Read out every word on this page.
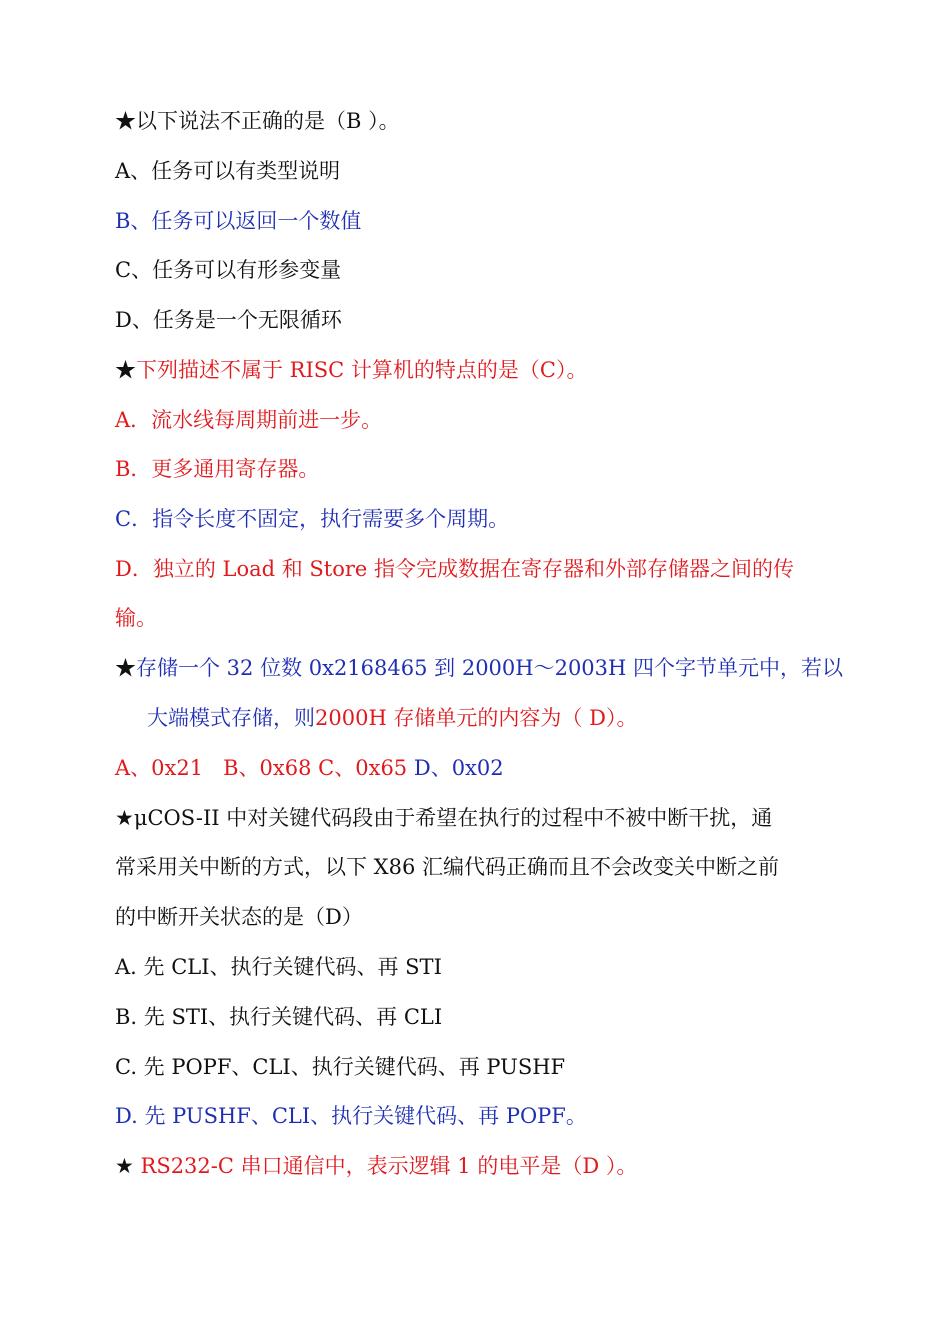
★以下说法不正确的是（B ）。
A、任务可以有类型说明
B、任务可以返回一个数值
C、任务可以有形参变量
D、任务是一个无限循环
★下列描述不属于 RISC 计算机的特点的是（C）。
A．流水线每周期前进一步。
B．更多通用寄存器。
C．指令长度不固定，执行需要多个周期。
D．独立的 Load 和 Store 指令完成数据在寄存器和外部存储器之间的传
输。
★存储一个 32 位数 0x2168465 到 2000H～2003H 四个字节单元中，若以
大端模式存储，则2000H 存储单元的内容为（ D）。
A、0x21 B、0x68 C、0x65 D、0x02
★μCOS-II 中对关键代码段由于希望在执行的过程中不被中断干扰，通
常采用关中断的方式，以下 X86 汇编代码正确而且不会改变关中断之前
的中断开关状态的是（D）
A. 先 CLI、执行关键代码、再 STI
B. 先 STI、执行关键代码、再 CLI
C. 先 POPF、CLI、执行关键代码、再 PUSHF
D. 先 PUSHF、CLI、执行关键代码、再 POPF。
★ RS232-C 串口通信中，表示逻辑 1 的电平是（D ）。
